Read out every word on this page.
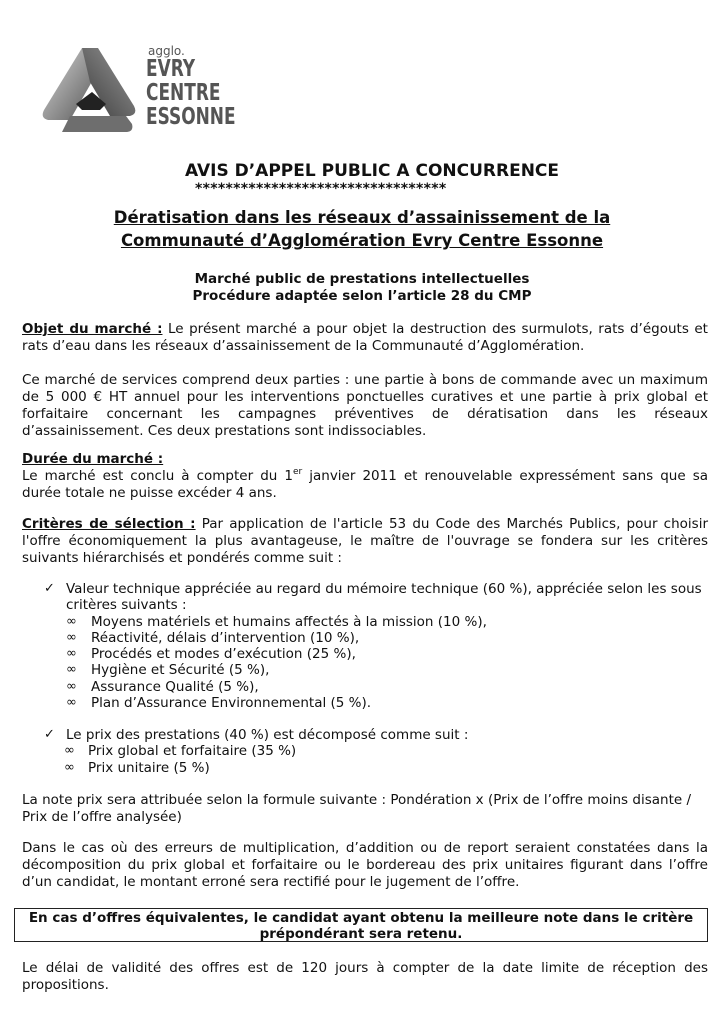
agglo.
EVRY
CENTRE
ESSONNE
AVIS D’APPEL PUBLIC A CONCURRENCE
*********************************
Dératisation dans les réseaux d’assainissement de la
Communauté d’Agglomération Evry Centre Essonne
Marché public de prestations intellectuelles
Procédure adaptée selon l’article 28 du CMP

Objet du marché : Le présent marché a pour objet la destruction des surmulots, rats d’égouts et rats d’eau dans les réseaux d’assainissement de la Communauté d’Agglomération.

Ce marché de services comprend deux parties : une partie à bons de commande avec un maximum de 5 000 € HT annuel pour les interventions ponctuelles curatives et une partie à prix global et forfaitaire concernant les campagnes préventives de dératisation dans les réseaux d’assainissement. Ces deux prestations sont indissociables.

Durée du marché :
Le marché est conclu à compter du 1er janvier 2011 et renouvelable expressément sans que sa durée totale ne puisse excéder 4 ans.

Critères de sélection : Par application de l'article 53 du Code des Marchés Publics, pour choisir l'offre économiquement la plus avantageuse, le maître de l'ouvrage se fondera sur les critères suivants hiérarchisés et pondérés comme suit :

✓ Valeur technique appréciée au regard du mémoire technique (60 %), appréciée selon les sous
critères suivants :
∞ Moyens matériels et humains affectés à la mission (10 %),
∞ Réactivité, délais d’intervention (10 %),
∞ Procédés et modes d’exécution (25 %),
∞ Hygiène et Sécurité (5 %),
∞ Assurance Qualité (5 %),
∞ Plan d’Assurance Environnemental (5 %).
✓ Le prix des prestations (40 %) est décomposé comme suit :
∞ Prix global et forfaitaire (35 %)
∞ Prix unitaire (5 %)

La note prix sera attribuée selon la formule suivante : Pondération x (Prix de l’offre moins disante / Prix de l’offre analysée)

Dans le cas où des erreurs de multiplication, d’addition ou de report seraient constatées dans la décomposition du prix global et forfaitaire ou le bordereau des prix unitaires figurant dans l’offre d’un candidat, le montant erroné sera rectifié pour le jugement de l’offre.

En cas d’offres équivalentes, le candidat ayant obtenu la meilleure note dans le critère
prépondérant sera retenu.

Le délai de validité des offres est de 120 jours à compter de la date limite de réception des propositions.
